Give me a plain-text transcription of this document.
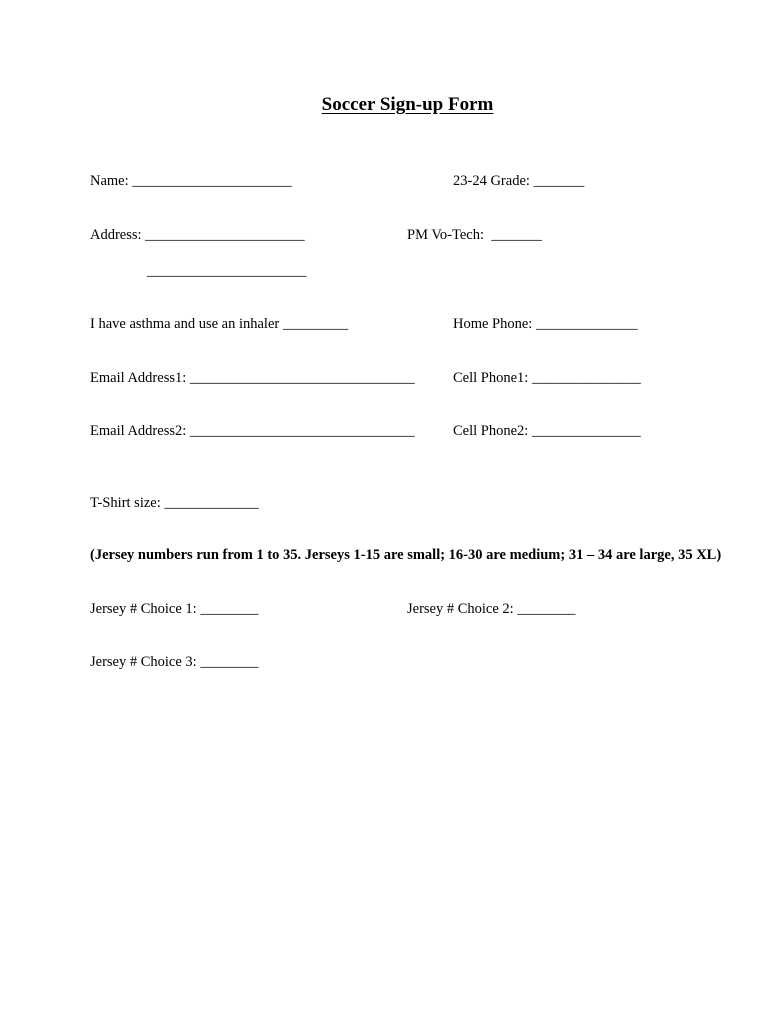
Soccer Sign-up Form
Name: ______________________	23-24 Grade: _______
Address: ______________________	PM Vo-Tech:  _______
______________________
I have asthma and use an inhaler _________	Home Phone: ______________
Email Address1: _______________________________	Cell Phone1: _______________
Email Address2: _______________________________	Cell Phone2: _______________
T-Shirt size: _____________
(Jersey numbers run from 1 to 35. Jerseys 1-15 are small; 16-30 are medium; 31 – 34 are large, 35 XL)
Jersey # Choice 1: ________	Jersey # Choice 2: ________
Jersey # Choice 3: ________
